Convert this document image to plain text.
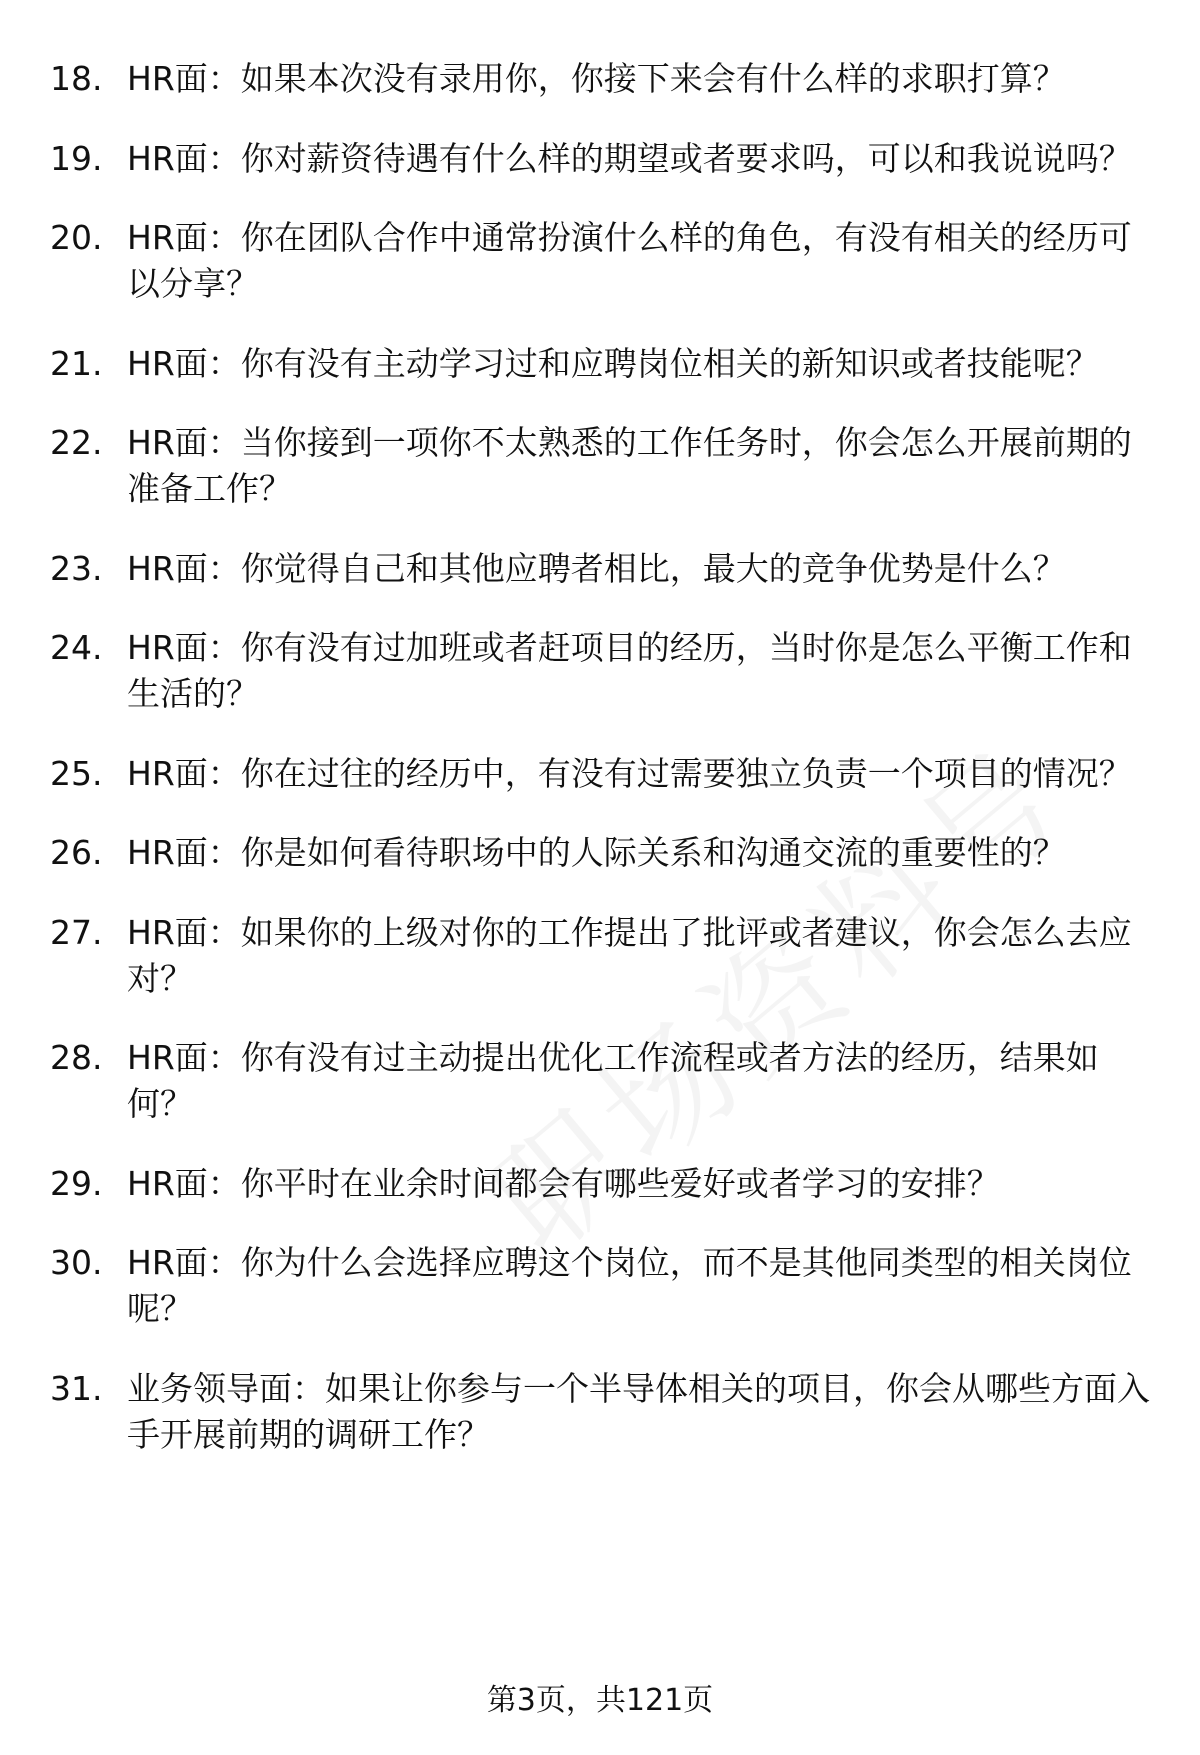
18. HR面：如果本次没有录用你，你接下来会有什么样的求职打算？
19. HR面：你对薪资待遇有什么样的期望或者要求吗，可以和我说说吗？
20. HR面：你在团队合作中通常扮演什么样的角色，有没有相关的经历可以分享？
21. HR面：你有没有主动学习过和应聘岗位相关的新知识或者技能呢？
22. HR面：当你接到一项你不太熟悉的工作任务时，你会怎么开展前期的准备工作？
23. HR面：你觉得自己和其他应聘者相比，最大的竞争优势是什么？
24. HR面：你有没有过加班或者赶项目的经历，当时你是怎么平衡工作和生活的？
25. HR面：你在过往的经历中，有没有过需要独立负责一个项目的情况？
26. HR面：你是如何看待职场中的人际关系和沟通交流的重要性的？
27. HR面：如果你的上级对你的工作提出了批评或者建议，你会怎么去应对？
28. HR面：你有没有过主动提出优化工作流程或者方法的经历，结果如何？
29. HR面：你平时在业余时间都会有哪些爱好或者学习的安排？
30. HR面：你为什么会选择应聘这个岗位，而不是其他同类型的相关岗位呢？
31. 业务领导面：如果让你参与一个半导体相关的项目，你会从哪些方面入手开展前期的调研工作？
第3页，共121页
